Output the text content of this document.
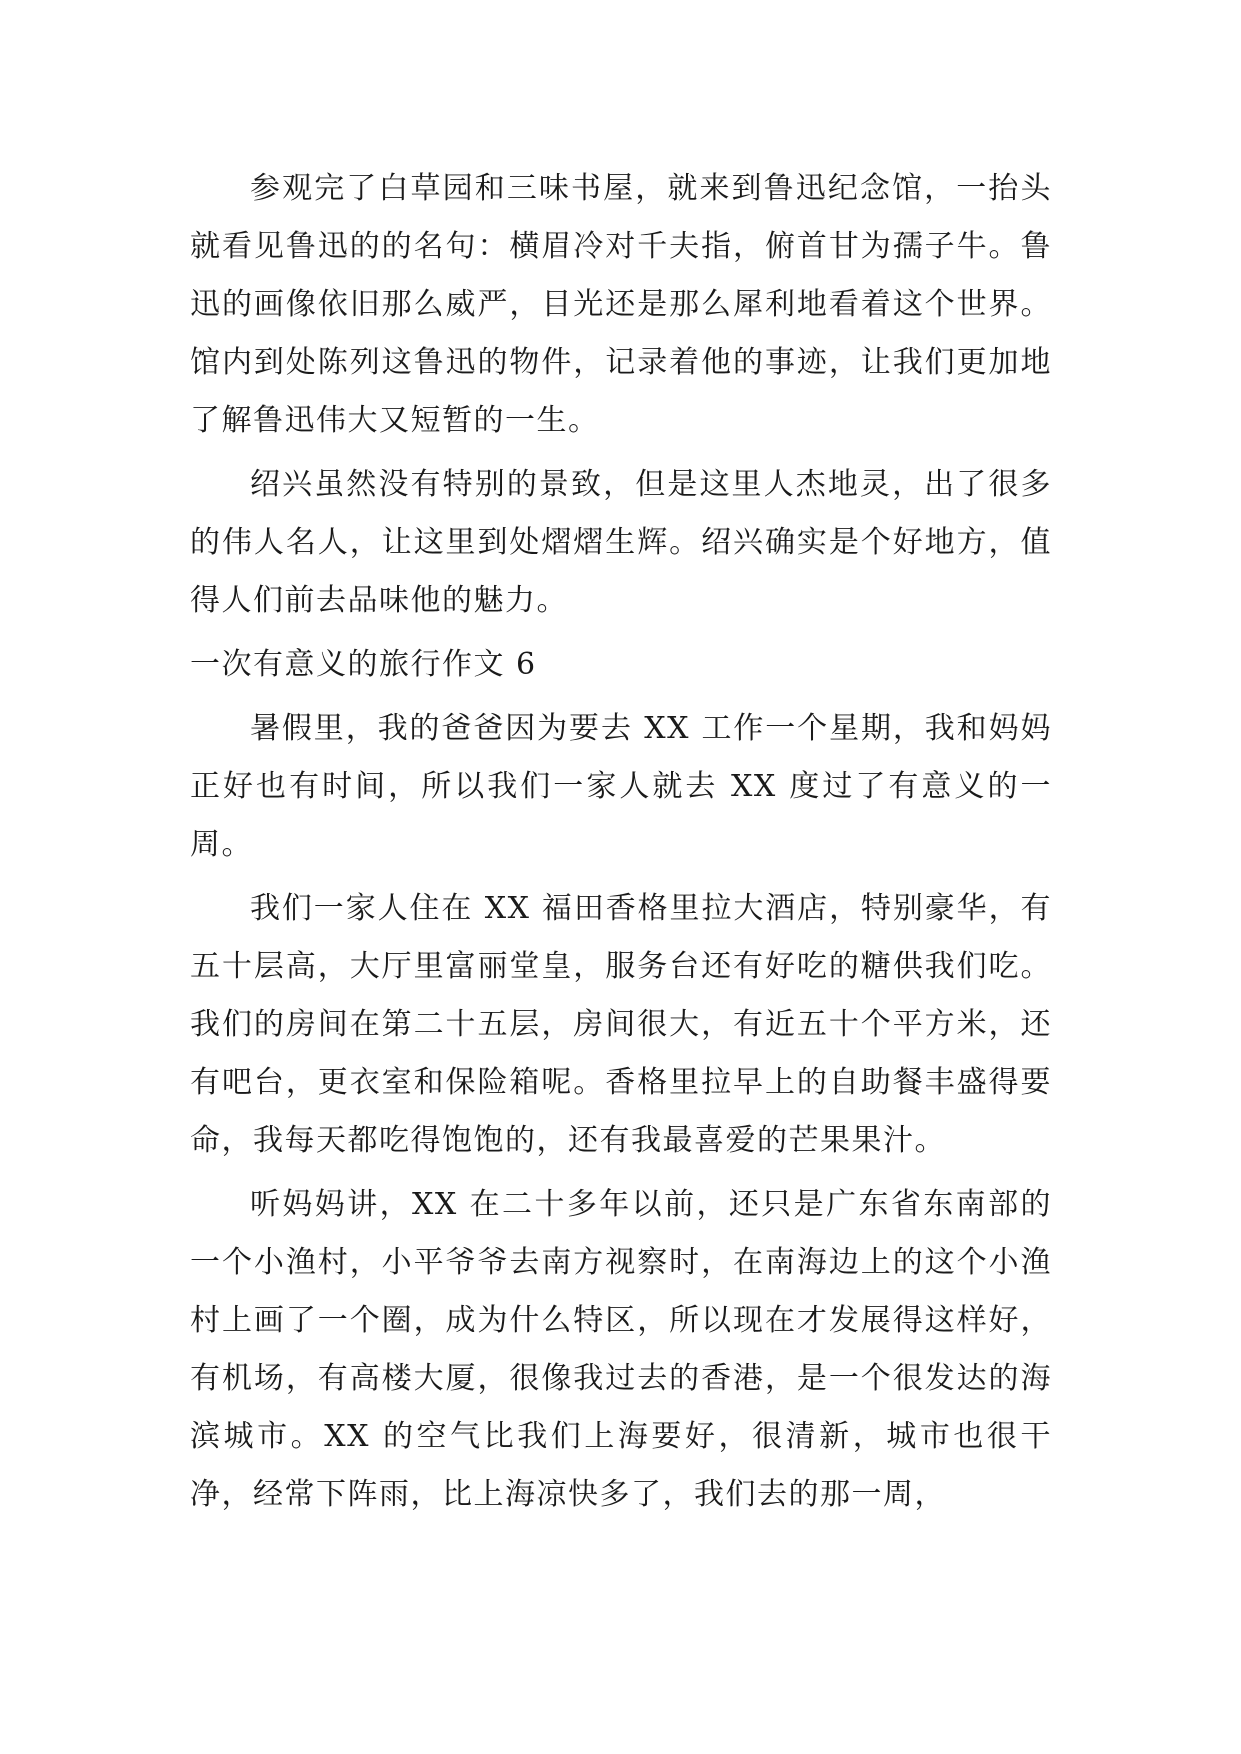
参观完了白草园和三味书屋，就来到鲁迅纪念馆，一抬头就看见鲁迅的的名句：横眉冷对千夫指，俯首甘为孺子牛。鲁迅的画像依旧那么威严，目光还是那么犀利地看着这个世界。馆内到处陈列这鲁迅的物件，记录着他的事迹，让我们更加地了解鲁迅伟大又短暂的一生。

绍兴虽然没有特别的景致，但是这里人杰地灵，出了很多的伟人名人，让这里到处熠熠生辉。绍兴确实是个好地方，值得人们前去品味他的魅力。

一次有意义的旅行作文 6

暑假里，我的爸爸因为要去 XX 工作一个星期，我和妈妈正好也有时间，所以我们一家人就去 XX 度过了有意义的一周。

我们一家人住在 XX 福田香格里拉大酒店，特别豪华，有五十层高，大厅里富丽堂皇，服务台还有好吃的糖供我们吃。我们的房间在第二十五层，房间很大，有近五十个平方米，还有吧台，更衣室和保险箱呢。香格里拉早上的自助餐丰盛得要命，我每天都吃得饱饱的，还有我最喜爱的芒果果汁。

听妈妈讲，XX 在二十多年以前，还只是广东省东南部的一个小渔村，小平爷爷去南方视察时，在南海边上的这个小渔村上画了一个圈，成为什么特区，所以现在才发展得这样好，有机场，有高楼大厦，很像我过去的香港，是一个很发达的海滨城市。XX 的空气比我们上海要好，很清新，城市也很干净，经常下阵雨，比上海凉快多了，我们去的那一周，
